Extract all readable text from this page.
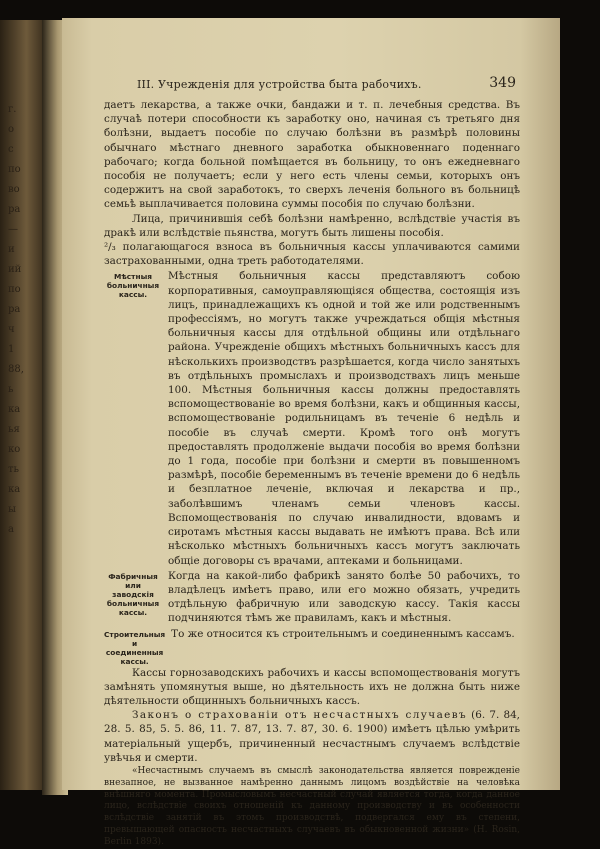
г.
о
с
по
во
ра
—
и
ий
по
ра
ч
1
88,
ь
ка
ья
ко
ть
ка
ы
а
III. Учрежденія для устройства быта рабочихъ.	349

даетъ лекарства, а также очки, бандажи и т. п. лечебныя средства. Въ случаѣ потери способности къ заработку оно, начиная съ третьяго дня болѣзни, выдаетъ пособіе по случаю болѣзни въ размѣрѣ половины обычнаго мѣстнаго дневного заработка обыкновеннаго поденнаго рабочаго; когда больной помѣщается въ больницу, то онъ ежедневнаго пособія не получаетъ; если у него есть члены семьи, которыхъ онъ содержитъ на свой заработокъ, то сверхъ леченія больного въ больницѣ семьѣ выплачивается половина суммы пособія по случаю болѣзни.

Лица, причинившія себѣ болѣзни намѣренно, вслѣдствіе участія въ дракѣ или вслѣдствіе пьянства, могутъ быть лишены пособія.

²/₃ полагающагося взноса въ больничныя кассы уплачиваются самими застрахованными, одна треть работодателями.

Мѣстныя больничныя кассы.

Мѣстныя больничныя кассы представляютъ собою корпоративныя, самоуправляющіяся общества, состоящія изъ лицъ, принадлежащихъ къ одной и той же или родственнымъ профессіямъ, но могутъ также учреждаться общія мѣстныя больничныя кассы для отдѣльной общины или отдѣльнаго района. Учрежденіе общихъ мѣстныхъ больничныхъ кассъ для нѣсколькихъ производствъ разрѣшается, когда число занятыхъ въ отдѣльныхъ промыслахъ и производствахъ лицъ меньше 100. Мѣстныя больничныя кассы должны предоставлять вспомоществованіе во время болѣзни, какъ и общинныя кассы, вспомоществованіе родильницамъ въ теченіе 6 недѣль и пособіе въ случаѣ смерти. Кромѣ того онѣ могутъ предоставлять продолженіе выдачи пособія во время болѣзни до 1 года, пособіе при болѣзни и смерти въ повышенномъ размѣрѣ, пособіе беременнымъ въ теченіе времени до 6 недѣль и безплатное леченіе, включая и лекарства и пр., заболѣвшимъ членамъ семьи членовъ кассы. Вспомоществованія по случаю инвалидности, вдовамъ и сиротамъ мѣстныя кассы выдавать не имѣютъ права. Всѣ или нѣсколько мѣстныхъ больничныхъ кассъ могутъ заключать общіе договоры съ врачами, аптеками и больницами.

Фабричныя или заводскія больничныя кассы.

Когда на какой-либо фабрикѣ занято болѣе 50 рабочихъ, то владѣлецъ имѣетъ право, или его можно обязать, учредить отдѣльную фабричную или заводскую кассу. Такія кассы подчиняются тѣмъ же правиламъ, какъ и мѣстныя.

Строительныя и соединенныя кассы.

То же относится къ строительнымъ и соединеннымъ кассамъ.

Кассы горнозаводскихъ рабочихъ и кассы вспомоществованія могутъ замѣнять упомянутыя выше, но дѣятельность ихъ не должна быть ниже дѣятельности общинныхъ больничныхъ кассъ.

Законъ о страхованіи отъ несчастныхъ случаевъ (6. 7. 84, 28. 5. 85, 5. 5. 86, 11. 7. 87, 13. 7. 87, 30. 6. 1900) имѣетъ цѣлью умѣрить матеріальный ущербъ, причиненный несчастнымъ случаемъ вслѣдствіе увѣчья и смерти.

«Несчастнымъ случаемъ въ смыслѣ законодательства является поврежденіе внезапное, не вызванное намѣренно даннымъ лицомъ воздѣйствіе на человѣка внѣшняго момента. Промысловымъ несчастный случай является тогда, когда данное лицо, вслѣдствіе своихъ отношеній къ данному производству и въ особенности вслѣдствіе занятій въ этомъ производствѣ, подвергался ему въ степени, превышающей опасность несчастныхъ случаевъ въ обыкновенной жизни» (H. Rosin, Berlin 1893).
